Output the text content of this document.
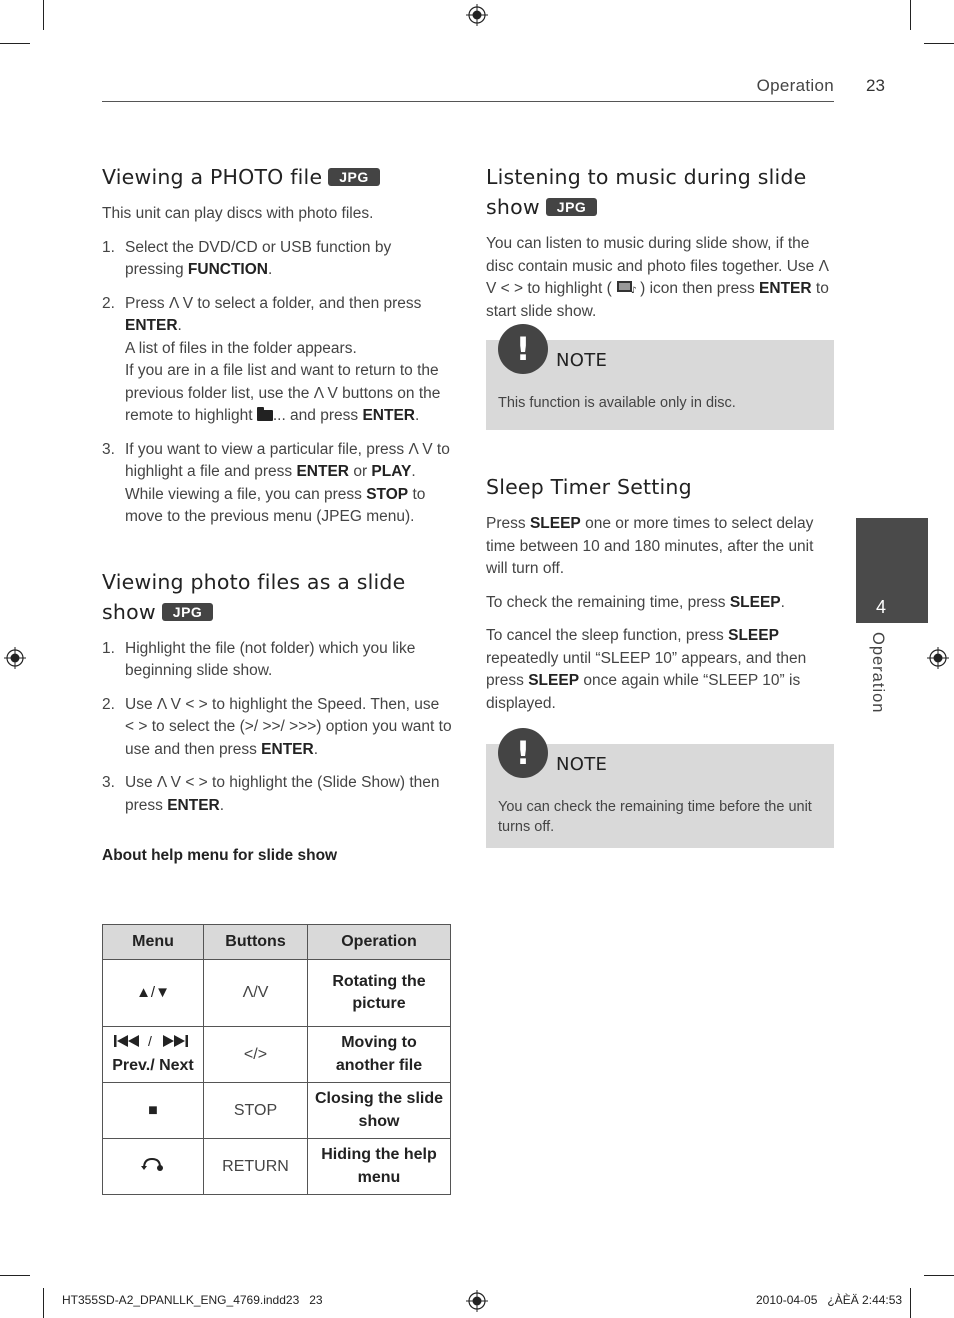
Operation 23
4
Operation
Viewing a PHOTO file JPG

This unit can play discs with photo files.

1. Select the DVD/CD or USB function by pressing FUNCTION.
2. Press Λ V to select a folder, and then press ENTER.
A list of files in the folder appears.
If you are in a file list and want to return to the previous folder list, use the Λ V buttons on the remote to highlight ... and press ENTER.
3. If you want to view a particular file, press Λ V to highlight a file and press ENTER or PLAY. While viewing a file, you can press STOP to move to the previous menu (JPEG menu).
Viewing photo files as a slide show JPG
1. Highlight the file (not folder) which you like beginning slide show.
2. Use Λ V < > to highlight the Speed. Then, use < > to select the (>/ >>/ >>>) option you want to use and then press ENTER.
3. Use Λ V < > to highlight the (Slide Show) then press ENTER.

About help menu for slide show

Menu	Buttons	Operation
▲/▼	Λ/V	Rotating the picture

/
Prev./ Next	</>	Moving to another file
■	STOP	Closing the slide show
	RETURN	Hiding the help menu
Listening to music during slide show JPG

You can listen to music during slide show, if the disc contain music and photo files together. Use Λ V < > to highlight ( ♪ ) icon then press ENTER to start slide show.

!	NOTE
This function is available only in disc.
Sleep Timer Setting

Press SLEEP one or more times to select delay time between 10 and 180 minutes, after the unit will turn off.

To check the remaining time, press SLEEP.

To cancel the sleep function, press SLEEP repeatedly until “SLEEP 10” appears, and then press SLEEP once again while “SLEEP 10” is displayed.

!	NOTE
You can check the remaining time before the unit turns off.
HT355SD-A2_DPANLLK_ENG_4769.indd23   23	2010-04-05   ¿ÀÈÄ 2:44:53
